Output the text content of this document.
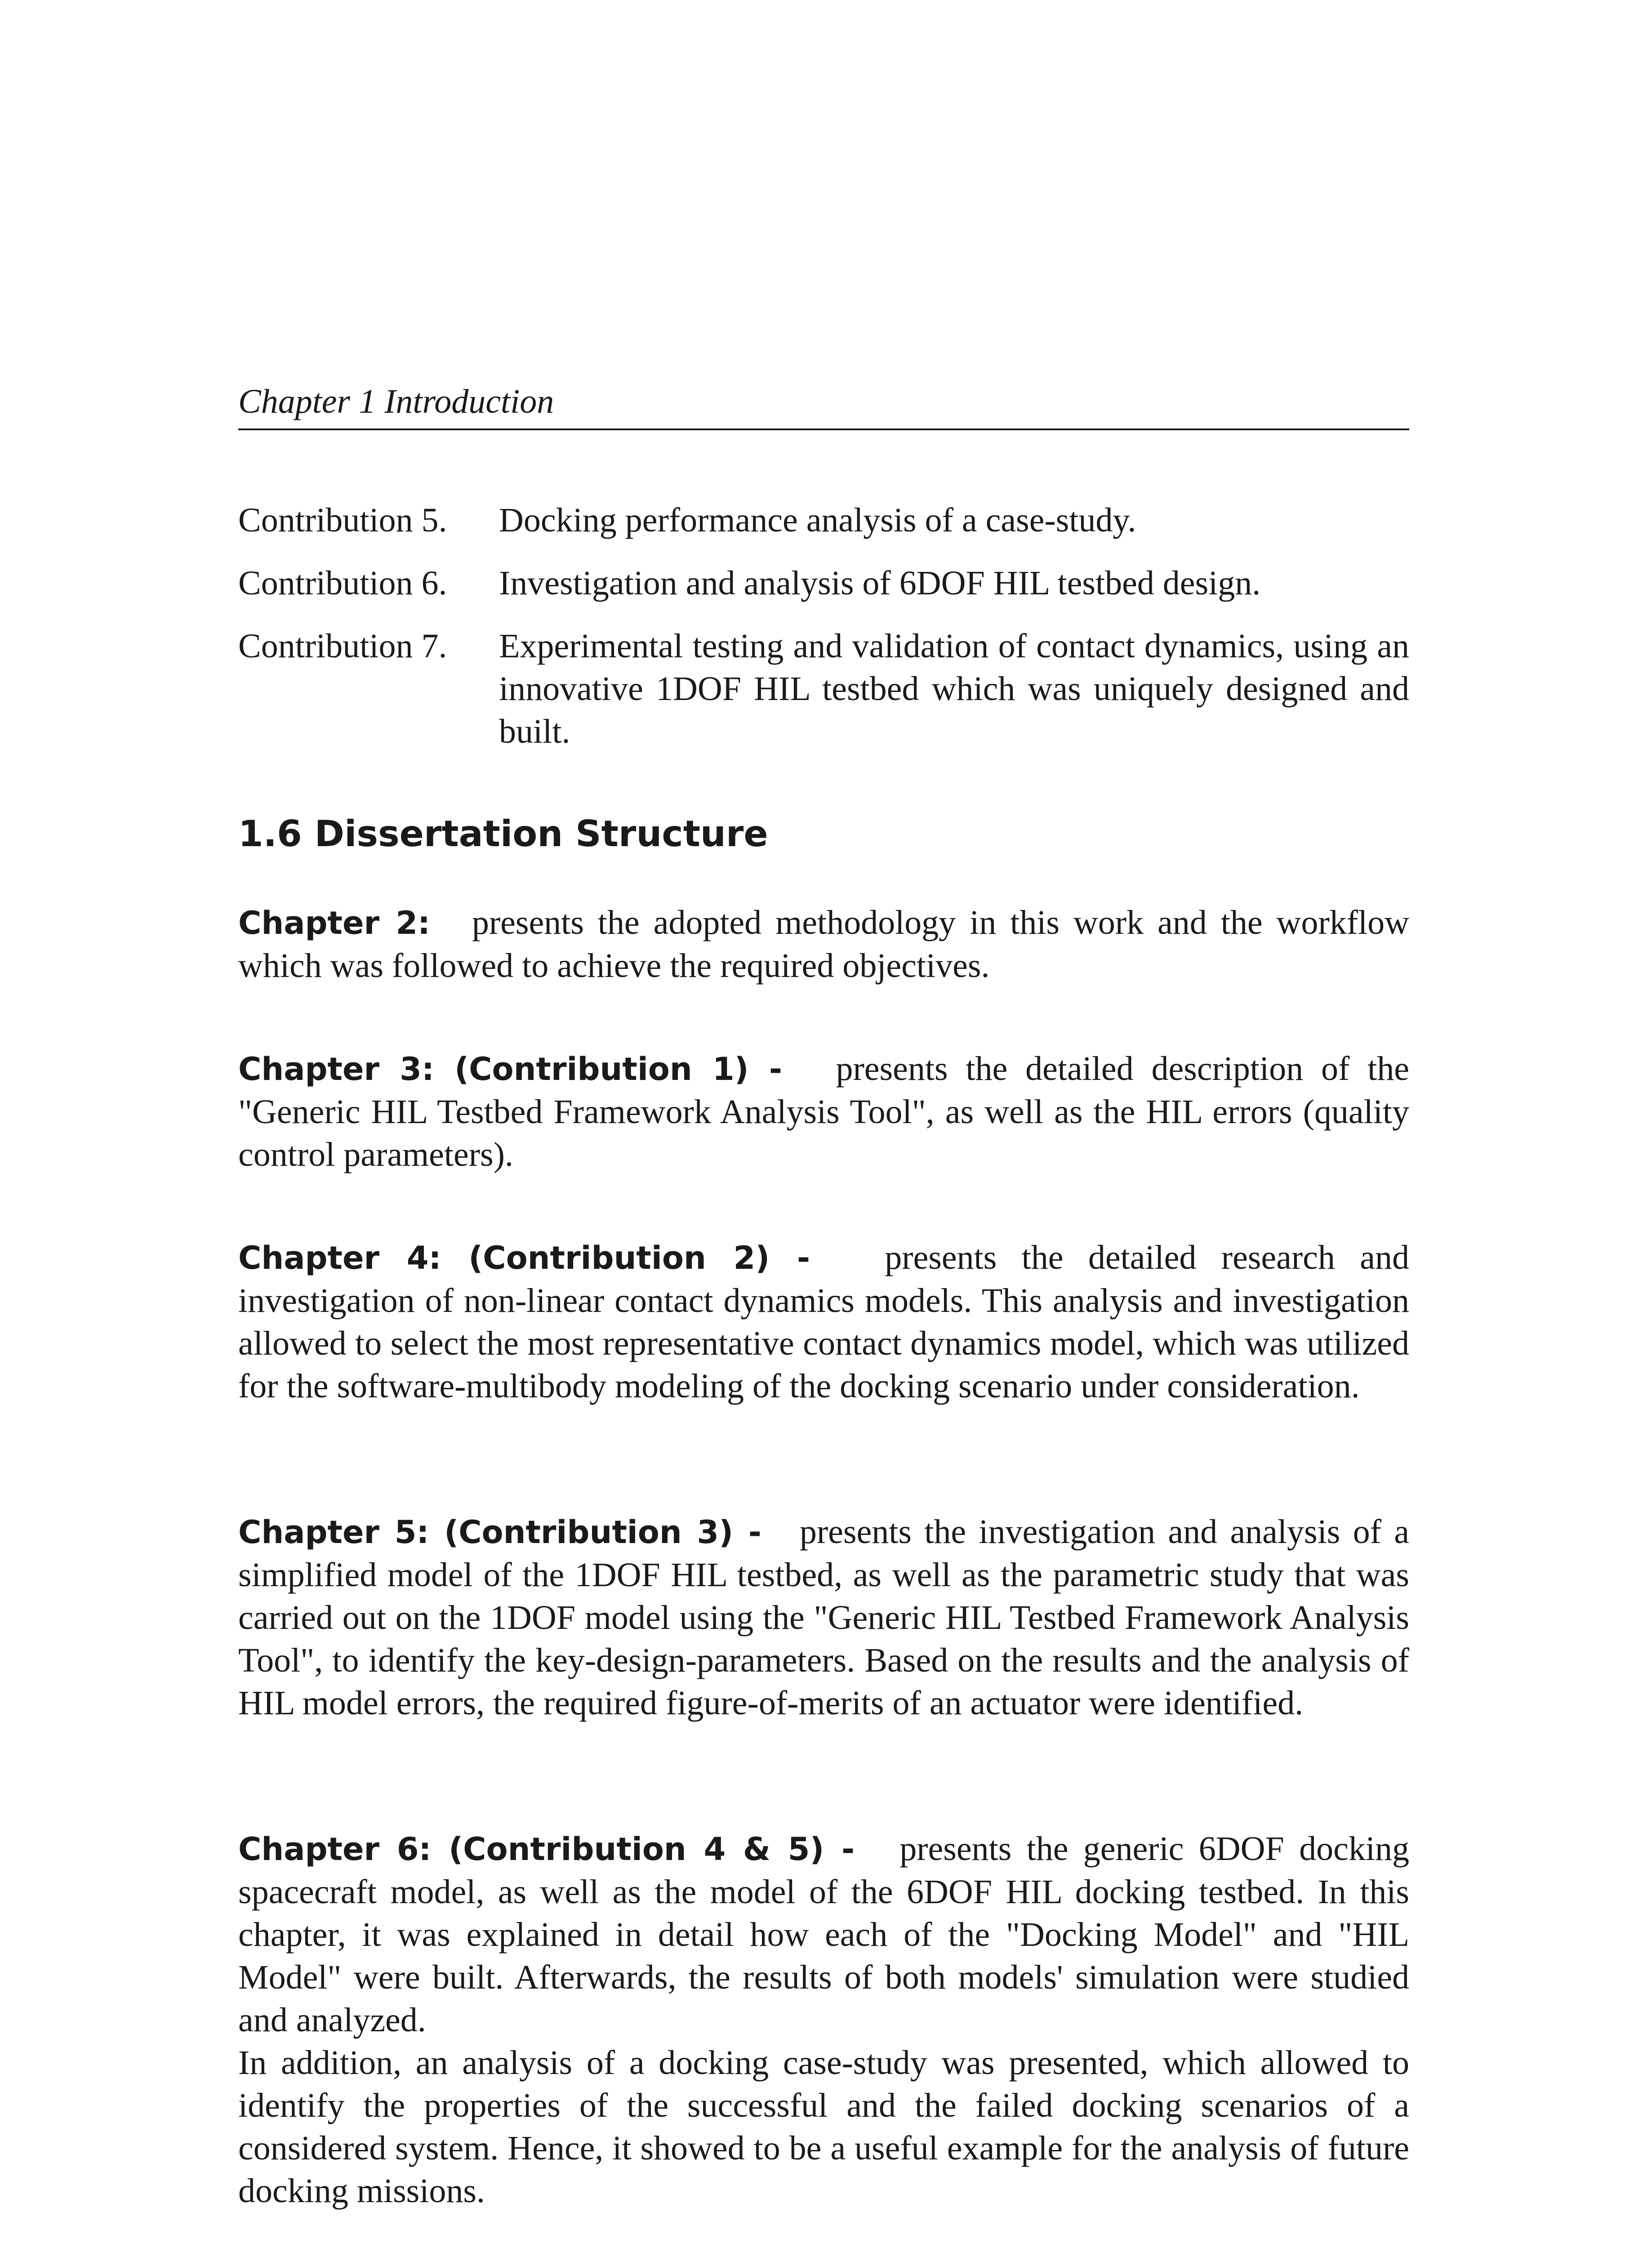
Chapter 1 Introduction
Contribution 5. Docking performance analysis of a case-study.
Contribution 6. Investigation and analysis of 6DOF HIL testbed design.
Contribution 7. Experimental testing and validation of contact dynamics, using an innovative 1DOF HIL testbed which was uniquely designed and built.
1.6 Dissertation Structure

Chapter 2: presents the adopted methodology in this work and the workflow which was followed to achieve the required objectives.

Chapter 3: (Contribution 1) - presents the detailed description of the "Generic HIL Testbed Framework Analysis Tool", as well as the HIL errors (quality control parameters).

Chapter 4: (Contribution 2) - presents the detailed research and investigation of non-linear contact dynamics models. This analysis and investigation allowed to select the most representative contact dynamics model, which was utilized for the software-multibody modeling of the docking scenario under consideration.

Chapter 5: (Contribution 3) - presents the investigation and analysis of a simplified model of the 1DOF HIL testbed, as well as the parametric study that was carried out on the 1DOF model using the "Generic HIL Testbed Framework Analysis Tool", to identify the key-design-parameters. Based on the results and the analysis of HIL model errors, the required figure-of-merits of an actuator were identified.

Chapter 6: (Contribution 4 & 5) - presents the generic 6DOF docking spacecraft model, as well as the model of the 6DOF HIL docking testbed. In this chapter, it was explained in detail how each of the "Docking Model" and "HIL Model" were built. Afterwards, the results of both models' simulation were studied and analyzed.

In addition, an analysis of a docking case-study was presented, which allowed to identify the properties of the successful and the failed docking scenarios of a considered system. Hence, it showed to be a useful example for the analysis of future docking missions.
